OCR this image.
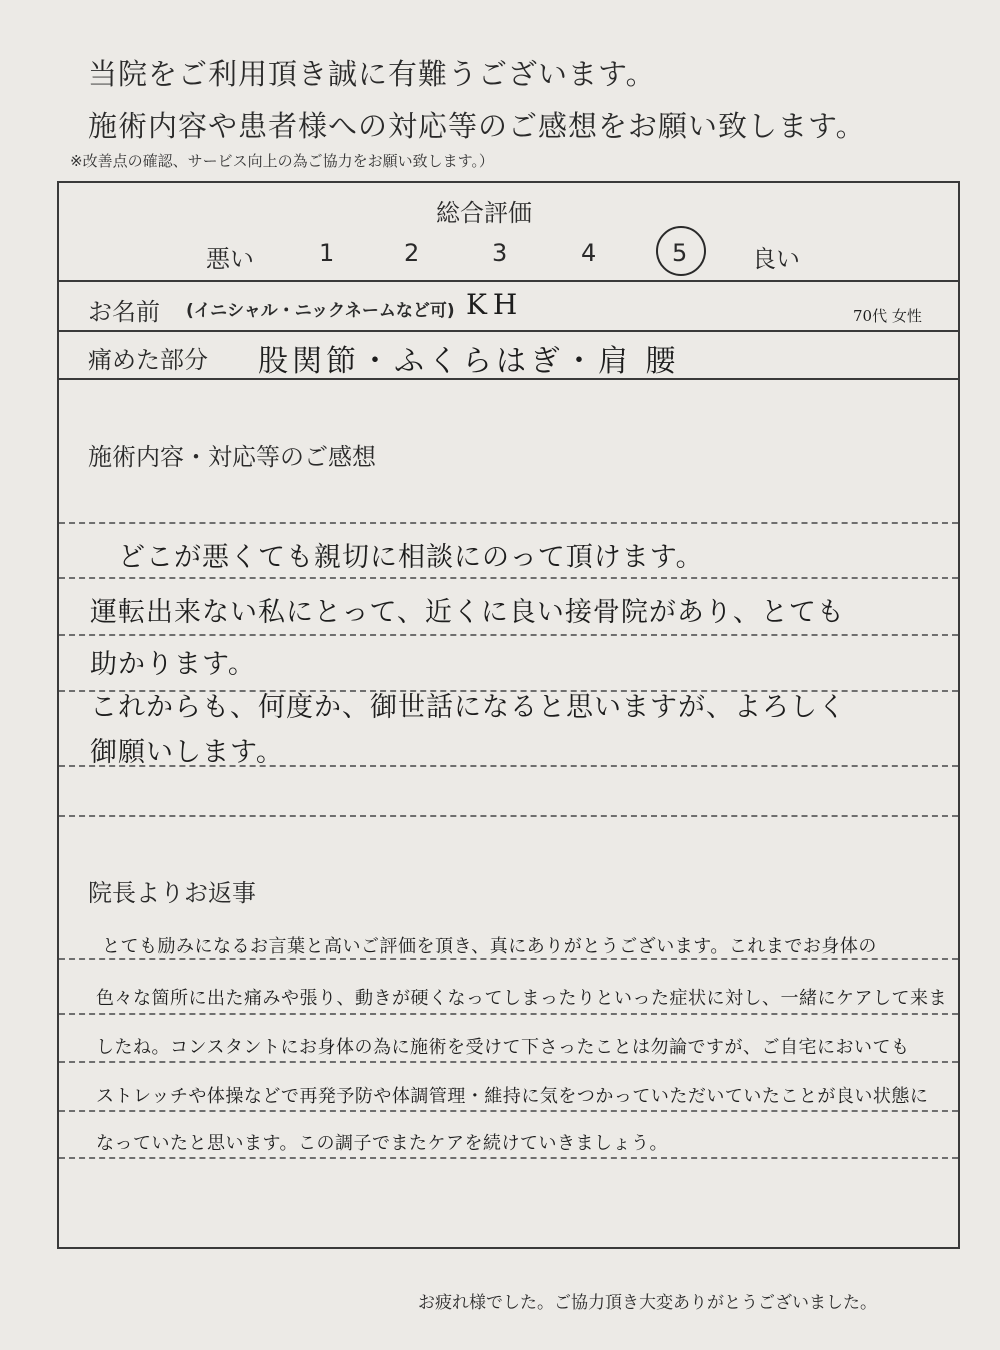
当院をご利用頂き誠に有難うございます。
施術内容や患者様への対応等のご感想をお願い致します。
※改善点の確認、サービス向上の為ご協力をお願い致します。）
総合評価
悪い	1	2	3	4	5	良い
お名前 (イニシャル・ニックネームなど可) KH	70代 女性
痛めた部分 股関節・ふくらはぎ・肩 腰
施術内容・対応等のご感想
どこが悪くても親切に相談にのって頂けます。
運転出来ない私にとって、近くに良い接骨院があり、とても
助かります。
これからも、何度か、御世話になると思いますが、よろしく
御願いします。
院長よりお返事
とても励みになるお言葉と高いご評価を頂き、真にありがとうございます。これまでお身体の
色々な箇所に出た痛みや張り、動きが硬くなってしまったりといった症状に対し、一緒にケアして来ま
したね。コンスタントにお身体の為に施術を受けて下さったことは勿論ですが、ご自宅においても
ストレッチや体操などで再発予防や体調管理・維持に気をつかっていただいていたことが良い状態に
なっていたと思います。この調子でまたケアを続けていきましょう。
お疲れ様でした。ご協力頂き大変ありがとうございました。
